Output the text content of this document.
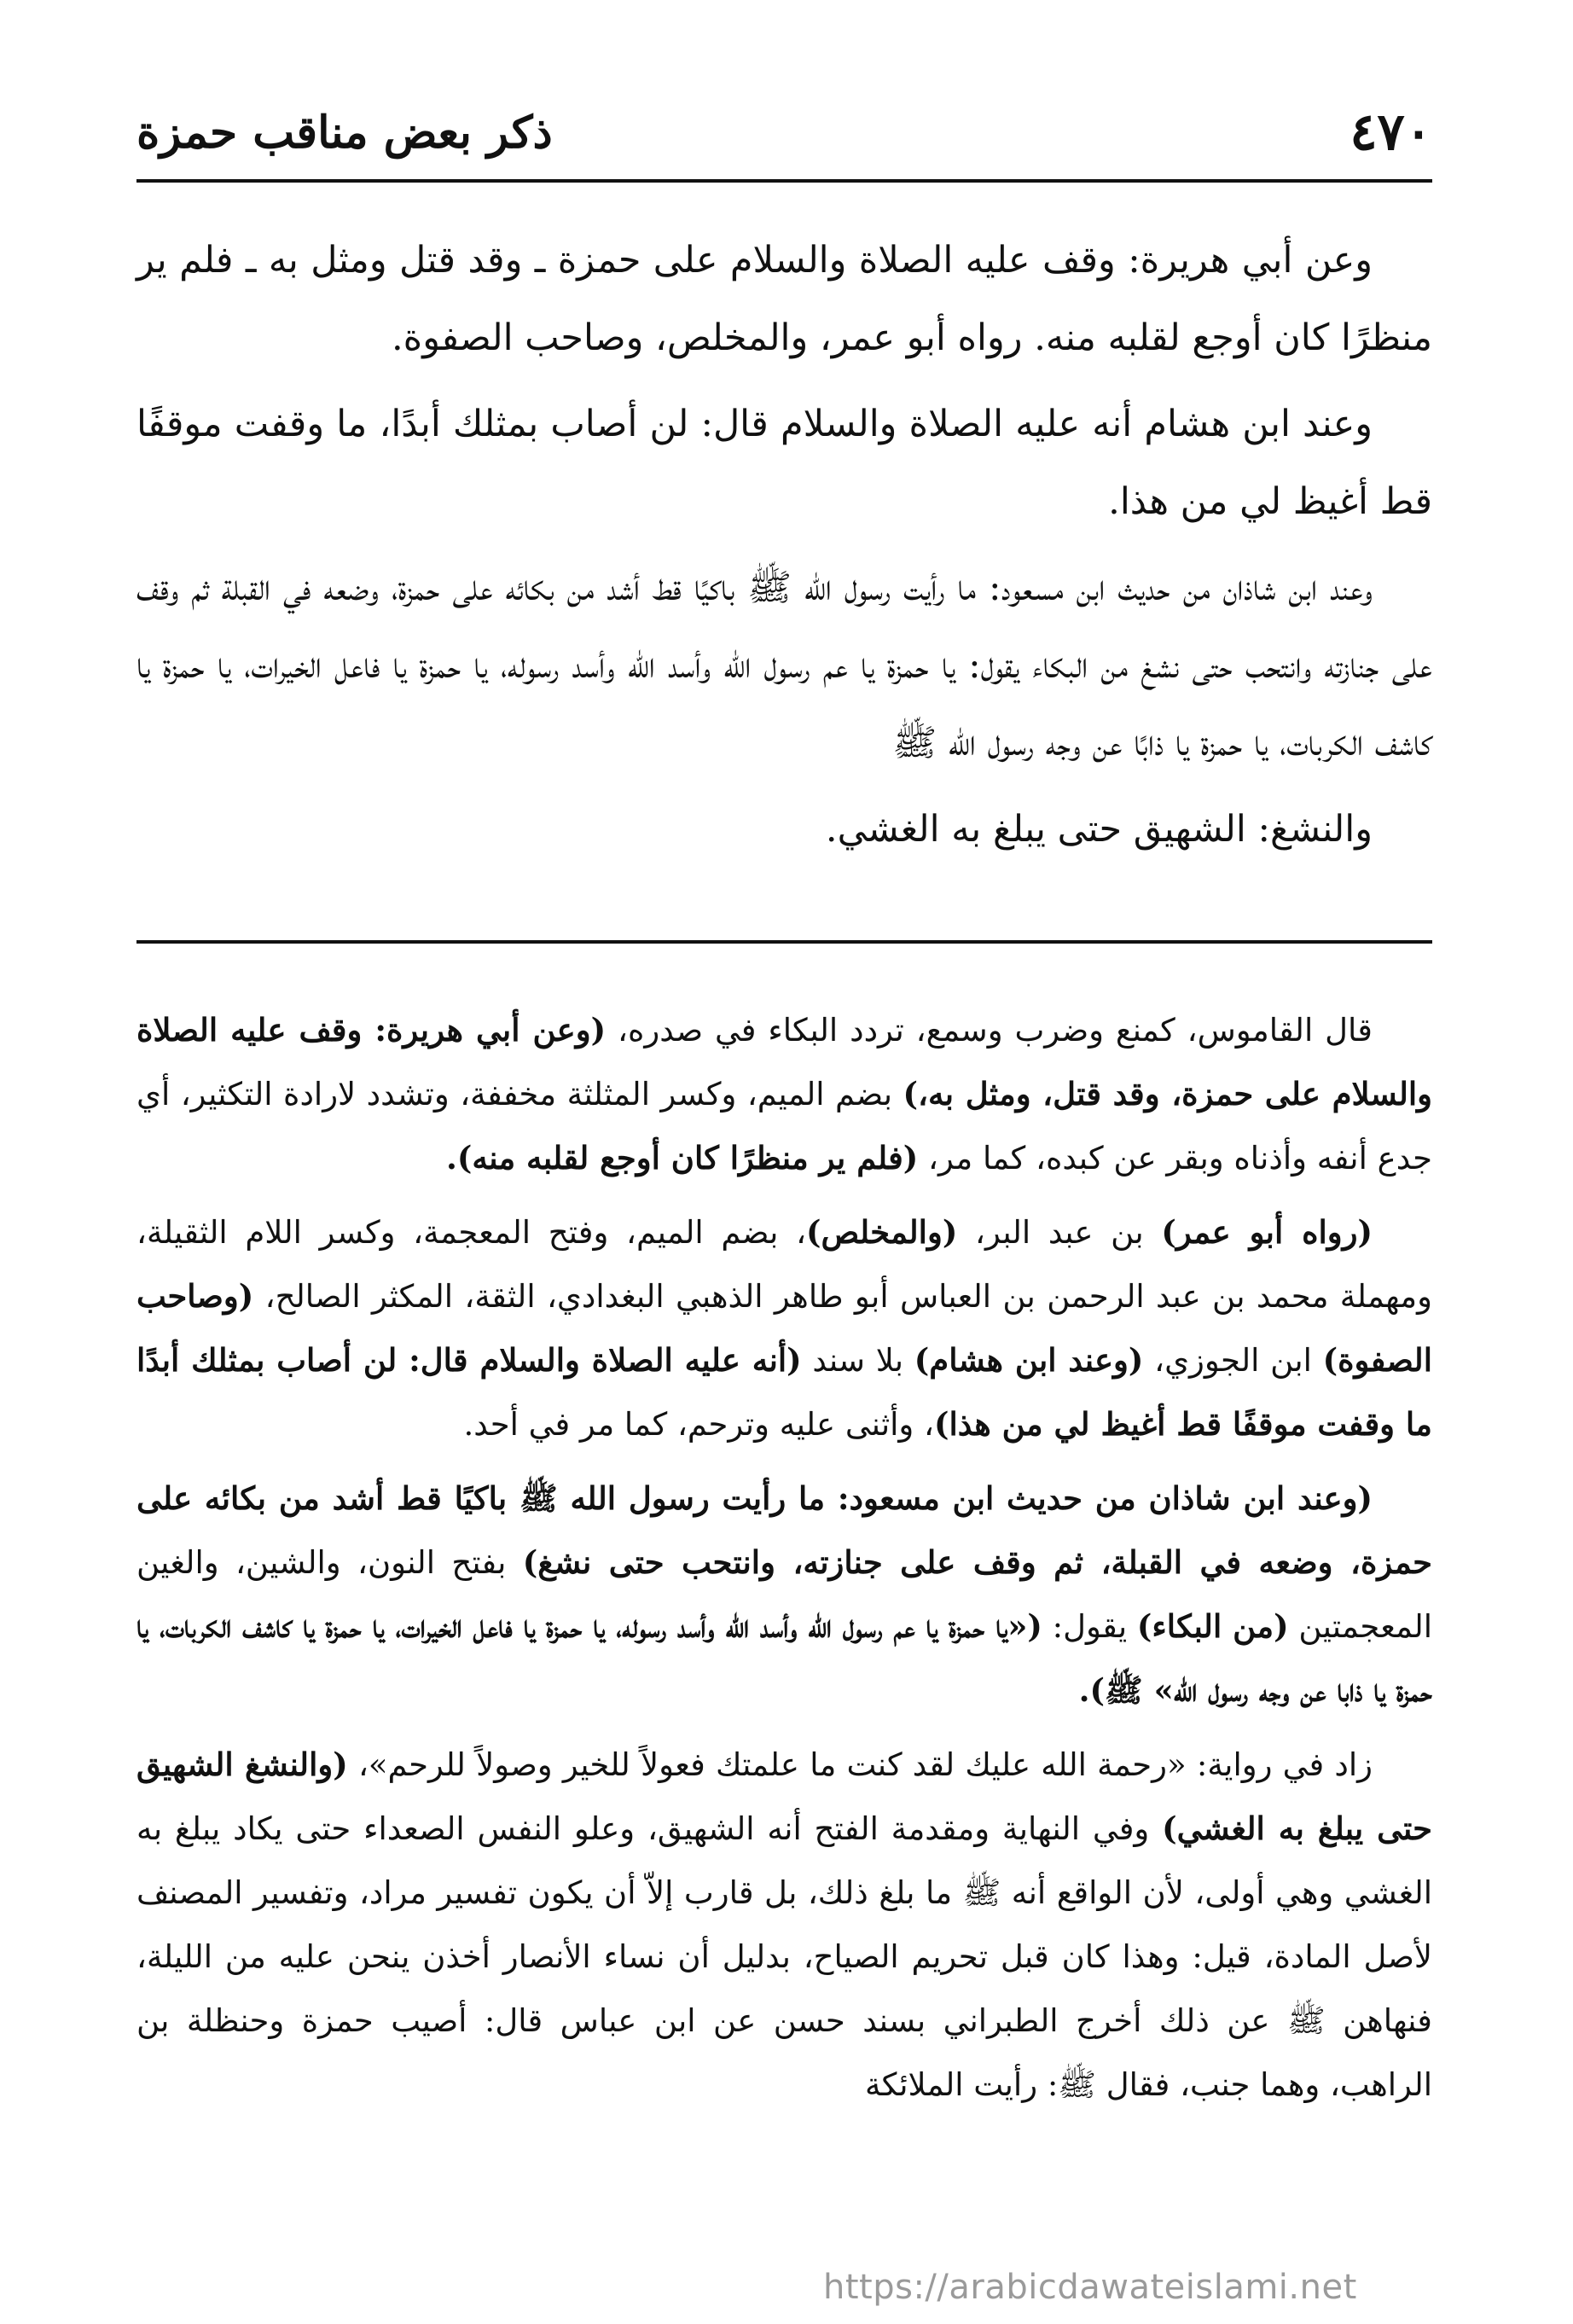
٤٧٠
ذكر بعض مناقب حمزة

وعن أبي هريرة: وقف عليه الصلاة والسلام على حمزة ـ وقد قتل ومثل به ـ فلم ير منظرًا كان أوجع لقلبه منه. رواه أبو عمر، والمخلص، وصاحب الصفوة.

وعند ابن هشام أنه عليه الصلاة والسلام قال: لن أصاب بمثلك أبدًا، ما وقفت موقفًا قط أغيظ لي من هذا.

وعند ابن شاذان من حديث ابن مسعود: ما رأيت رسول الله ﷺ باكيًا قط أشد من بكائه على حمزة، وضعه في القبلة ثم وقف على جنازته وانتحب حتى نشغ من البكاء يقول: يا حمزة يا عم رسول الله وأسد الله وأسد رسوله، يا حمزة يا فاعل الخيرات، يا حمزة يا كاشف الكربات، يا حمزة يا ذابًا عن وجه رسول الله ﷺ

والنشغ: الشهيق حتى يبلغ به الغشي.

قال القاموس، كمنع وضرب وسمع، تردد البكاء في صدره، (وعن أبي هريرة: وقف عليه الصلاة والسلام على حمزة، وقد قتل، ومثل به،) بضم الميم، وكسر المثلثة مخففة، وتشدد لارادة التكثير، أي جدع أنفه وأذناه وبقر عن كبده، كما مر، (فلم ير منظرًا كان أوجع لقلبه منه).

(رواه أبو عمر) بن عبد البر، (والمخلص)، بضم الميم، وفتح المعجمة، وكسر اللام الثقيلة، ومهملة محمد بن عبد الرحمن بن العباس أبو طاهر الذهبي البغدادي، الثقة، المكثر الصالح، (وصاحب الصفوة) ابن الجوزي، (وعند ابن هشام) بلا سند (أنه عليه الصلاة والسلام قال: لن أصاب بمثلك أبدًا ما وقفت موقفًا قط أغيظ لي من هذا)، وأثنى عليه وترحم، كما مر في أحد.

(وعند ابن شاذان من حديث ابن مسعود: ما رأيت رسول الله ﷺ باكيًا قط أشد من بكائه على حمزة، وضعه في القبلة، ثم وقف على جنازته، وانتحب حتى نشغ) بفتح النون، والشين، والغين المعجمتين (من البكاء) يقول: («يا حمزة يا عم رسول الله وأسد الله وأسد رسوله، يا حمزة يا فاعل الخيرات، يا حمزة يا كاشف الكربات، يا حمزة يا ذابا عن وجه رسول الله» ﷺ).

زاد في رواية: «رحمة الله عليك لقد كنت ما علمتك فعولاً للخير وصولاً للرحم»، (والنشغ الشهيق حتى يبلغ به الغشي) وفي النهاية ومقدمة الفتح أنه الشهيق، وعلو النفس الصعداء حتى يكاد يبلغ به الغشي وهي أولى، لأن الواقع أنه ﷺ ما بلغ ذلك، بل قارب إلاّ أن يكون تفسير مراد، وتفسير المصنف لأصل المادة، قيل: وهذا كان قبل تحريم الصياح، بدليل أن نساء الأنصار أخذن ينحن عليه من الليلة، فنهاهن ﷺ عن ذلك أخرج الطبراني بسند حسن عن ابن عباس قال: أصيب حمزة وحنظلة بن الراهب، وهما جنب، فقال ﷺ: رأيت الملائكة

https://arabicdawateislami.net
